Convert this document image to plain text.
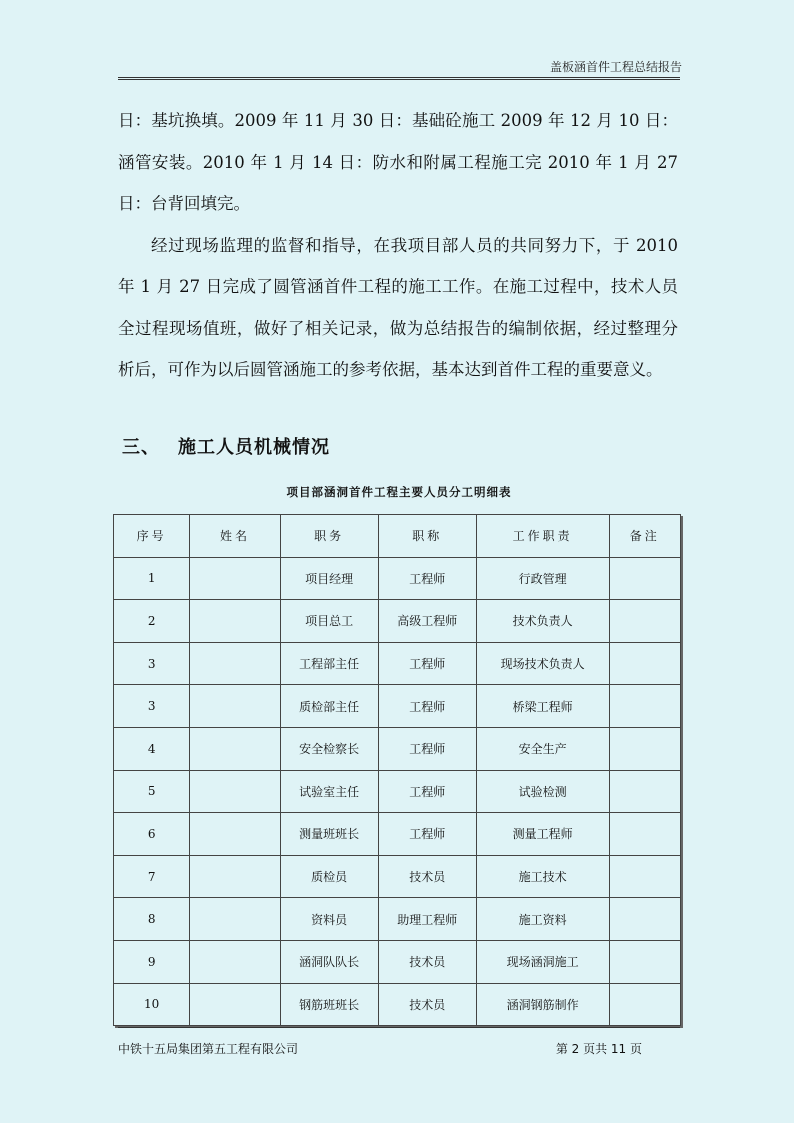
盖板涵首件工程总结报告

日：基坑换填。2009 年 11 月 30 日：基础砼施工 2009 年 12 月 10 日：涵管安装。2010 年 1 月 14 日：防水和附属工程施工完 2010 年 1 月 27 日：台背回填完。

经过现场监理的监督和指导，在我项目部人员的共同努力下，于 2010 年 1 月 27 日完成了圆管涵首件工程的施工工作。在施工过程中，技术人员全过程现场值班，做好了相关记录，做为总结报告的编制依据，经过整理分析后，可作为以后圆管涵施工的参考依据，基本达到首件工程的重要意义。

三、 施工人员机械情况
项目部涵洞首件工程主要人员分工明细表
序号	姓名	职务	职称	工作职责	备注
1		项目经理	工程师	行政管理	
2		项目总工	高级工程师	技术负责人	
3		工程部主任	工程师	现场技术负责人	
3		质检部主任	工程师	桥梁工程师	
4		安全检察长	工程师	安全生产	
5		试验室主任	工程师	试验检测	
6		测量班班长	工程师	测量工程师	
7		质检员	技术员	施工技术	
8		资料员	助理工程师	施工资料	
9		涵洞队队长	技术员	现场涵洞施工	
10		钢筋班班长	技术员	涵洞钢筋制作	
中铁十五局集团第五工程有限公司	第 2 页共 11 页
